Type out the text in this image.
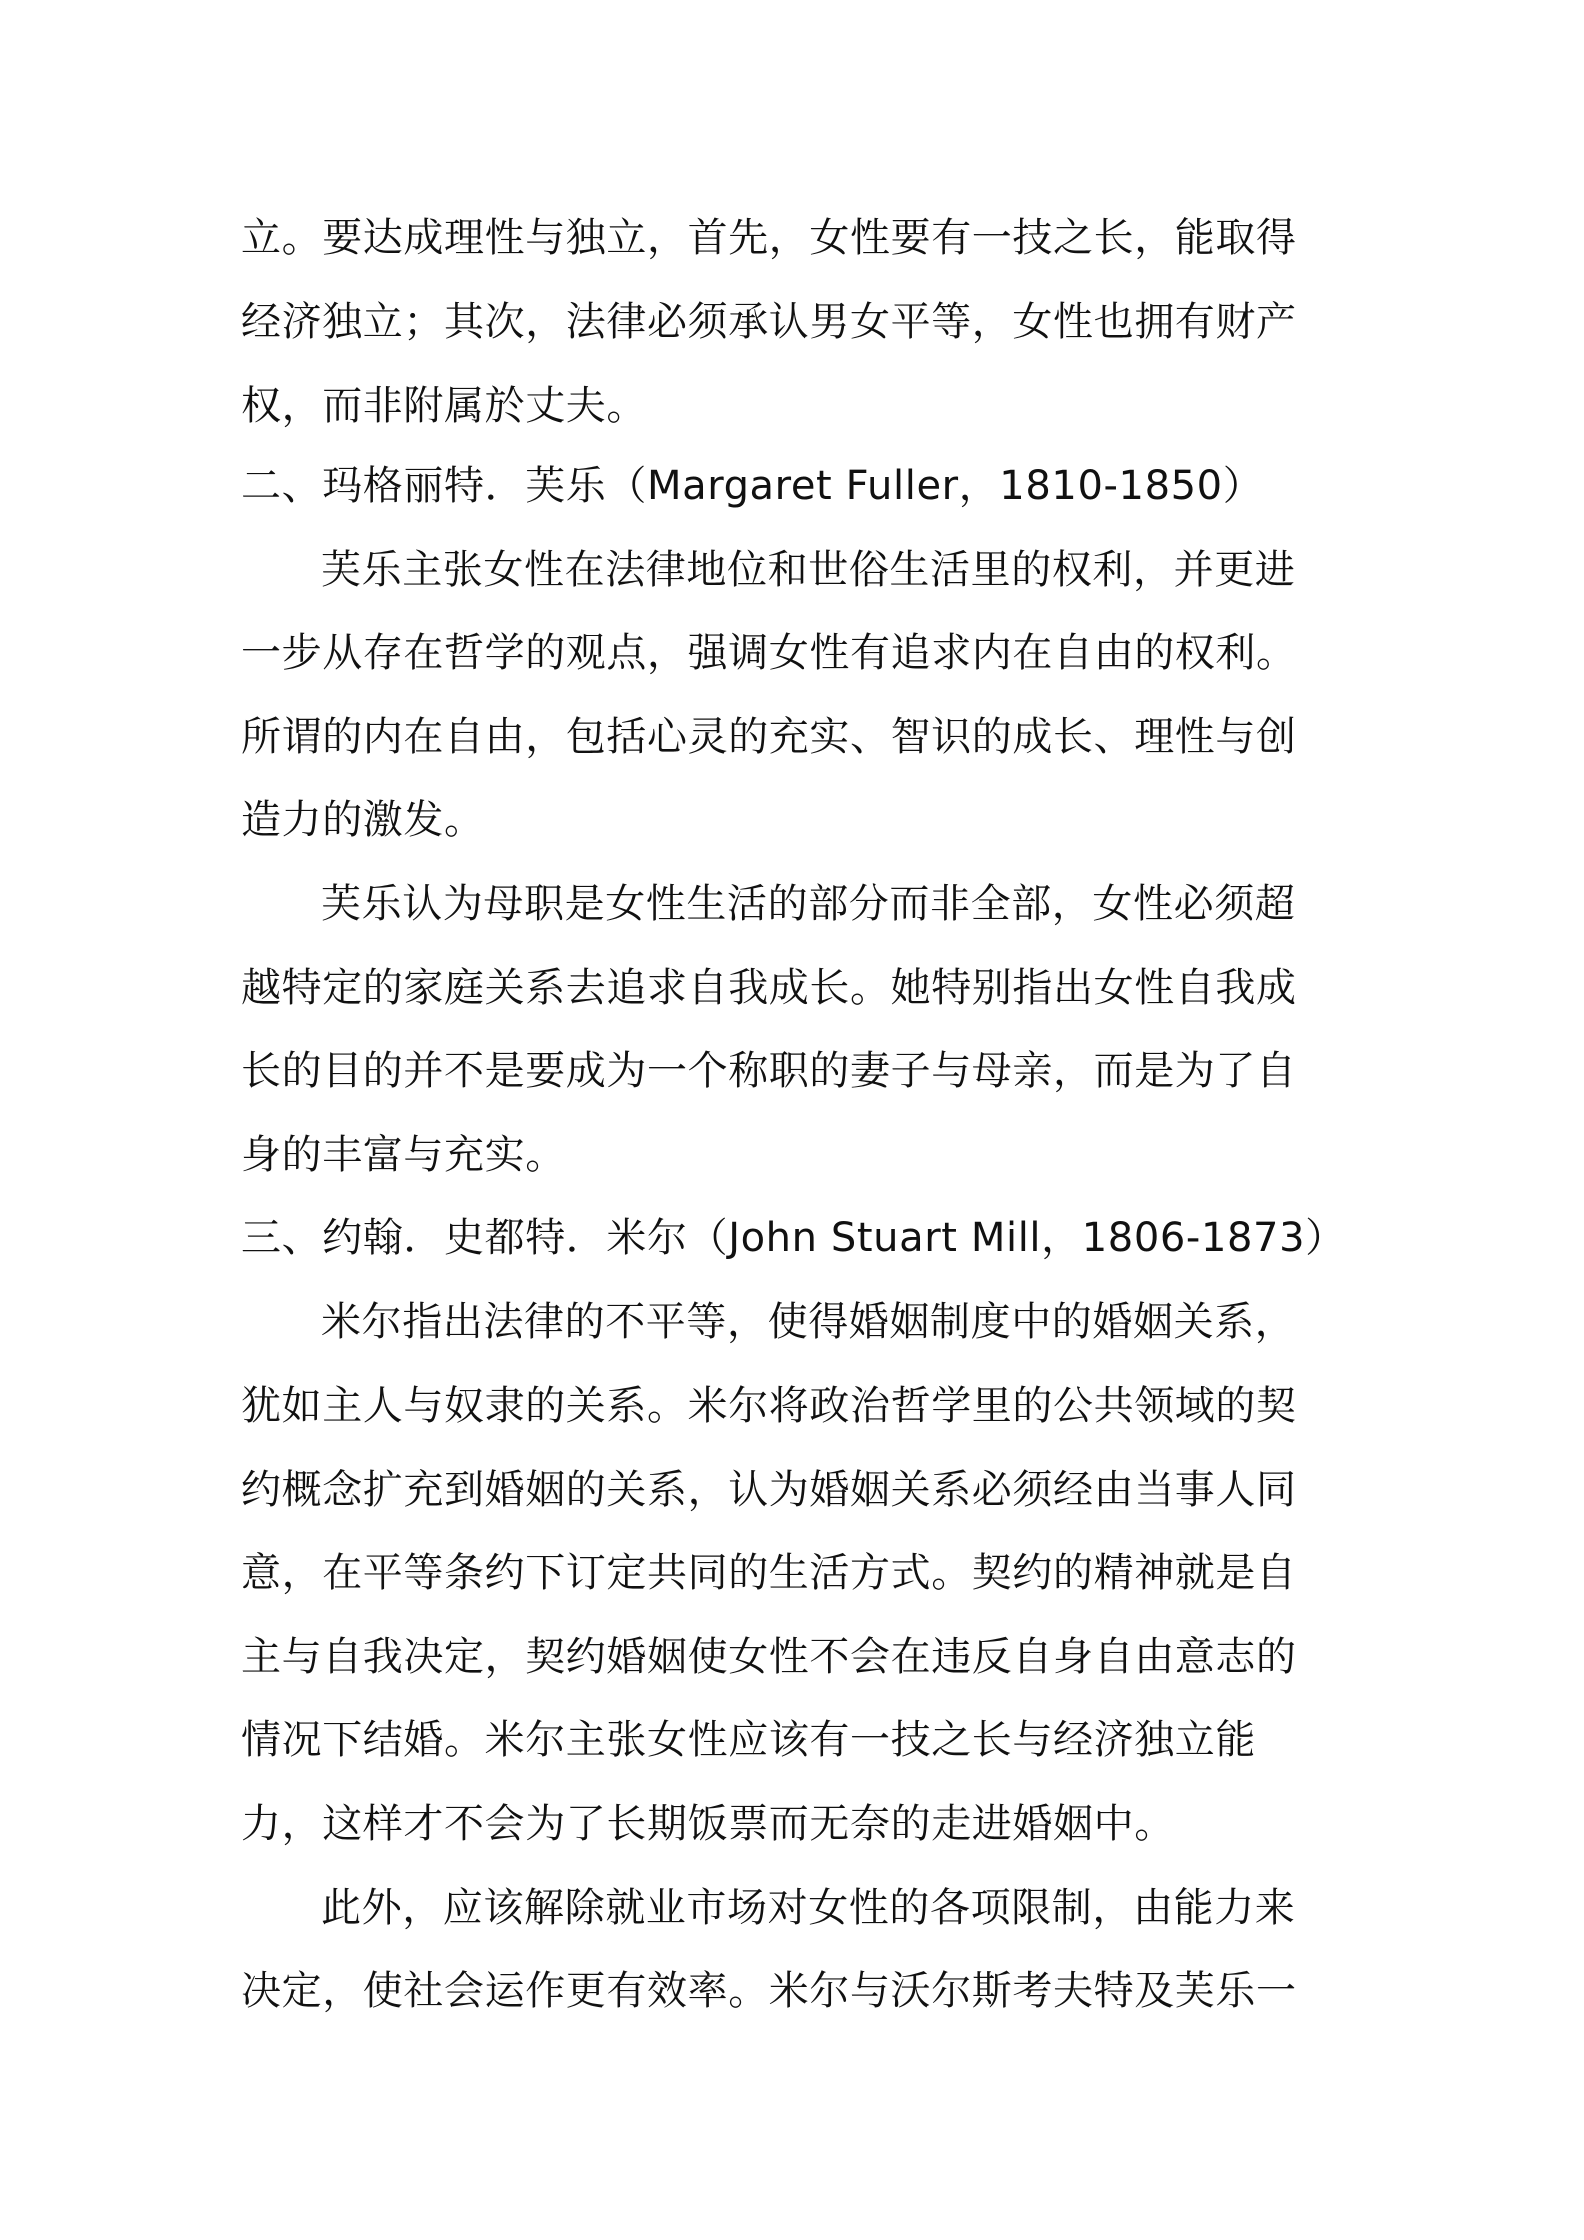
立。要达成理性与独立，首先，女性要有一技之长，能取得
经济独立；其次，法律必须承认男女平等，女性也拥有财产
权，而非附属於丈夫。
二、玛格丽特．芙乐（Margaret Fuller，1810-1850）
芙乐主张女性在法律地位和世俗生活里的权利，并更进
一步从存在哲学的观点，强调女性有追求内在自由的权利。
所谓的内在自由，包括心灵的充实、智识的成长、理性与创
造力的激发。
芙乐认为母职是女性生活的部分而非全部，女性必须超
越特定的家庭关系去追求自我成长。她特别指出女性自我成
长的目的并不是要成为一个称职的妻子与母亲，而是为了自
身的丰富与充实。
三、约翰．史都特．米尔（John Stuart Mill，1806-1873）
米尔指出法律的不平等，使得婚姻制度中的婚姻关系，
犹如主人与奴隶的关系。米尔将政治哲学里的公共领域的契
约概念扩充到婚姻的关系，认为婚姻关系必须经由当事人同
意，在平等条约下订定共同的生活方式。契约的精神就是自
主与自我决定，契约婚姻使女性不会在违反自身自由意志的
情况下结婚。米尔主张女性应该有一技之长与经济独立能
力，这样才不会为了长期饭票而无奈的走进婚姻中。
此外，应该解除就业市场对女性的各项限制，由能力来
决定，使社会运作更有效率。米尔与沃尔斯考夫特及芙乐一
